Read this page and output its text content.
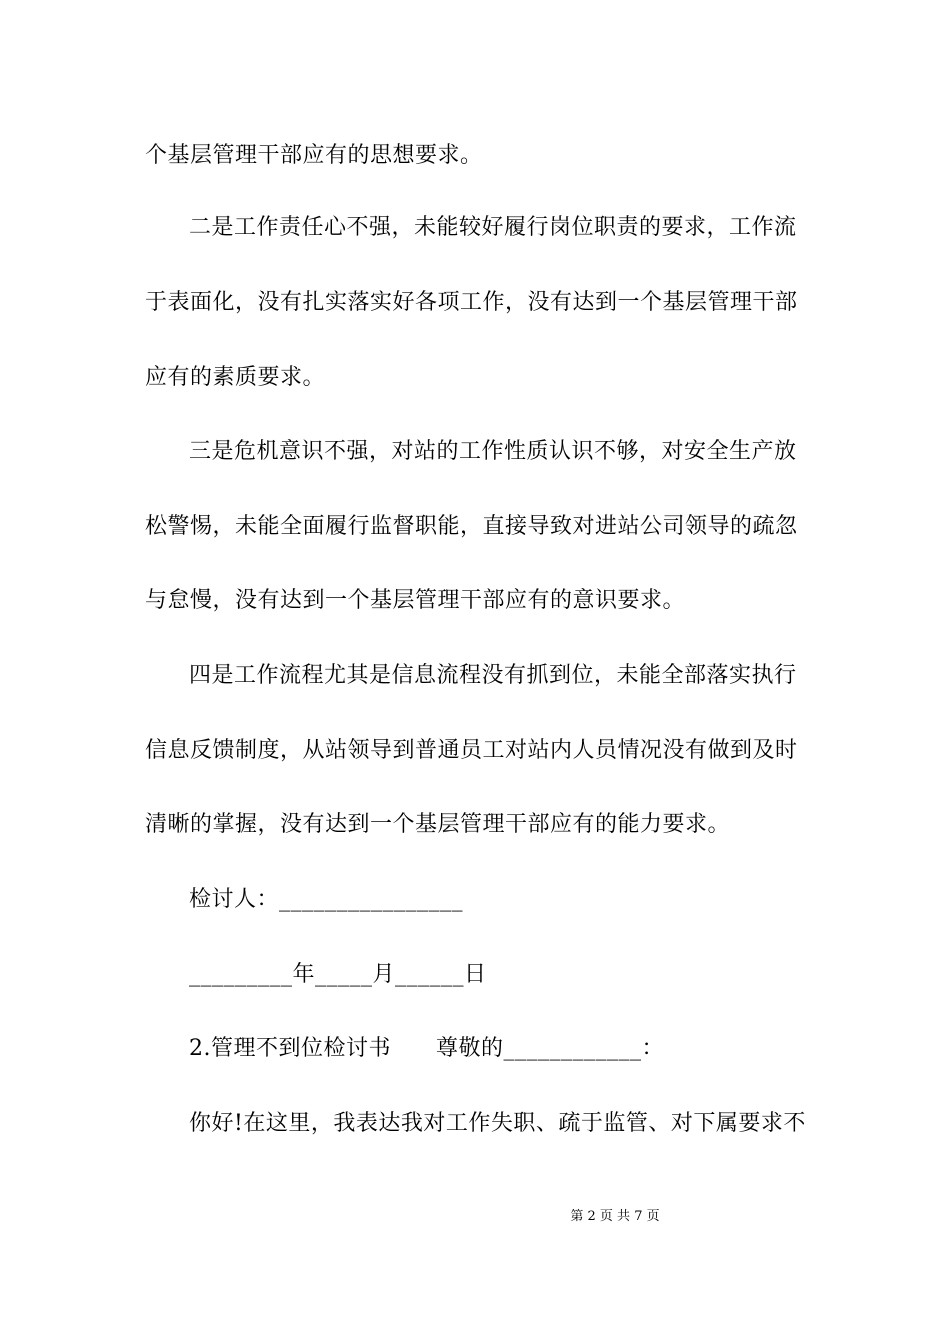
个基层管理干部应有的思想要求。

二是工作责任心不强，未能较好履行岗位职责的要求，工作流

于表面化，没有扎实落实好各项工作，没有达到一个基层管理干部

应有的素质要求。

三是危机意识不强，对站的工作性质认识不够，对安全生产放

松警惕，未能全面履行监督职能，直接导致对进站公司领导的疏忽

与怠慢，没有达到一个基层管理干部应有的意识要求。

四是工作流程尤其是信息流程没有抓到位，未能全部落实执行

信息反馈制度，从站领导到普通员工对站内人员情况没有做到及时

清晰的掌握，没有达到一个基层管理干部应有的能力要求。

检讨人：________________

_________年_____月______日

2.管理不到位检讨书　　尊敬的____________：

你好!在这里，我表达我对工作失职、疏于监管、对下属要求不

第 2 页 共 7 页
